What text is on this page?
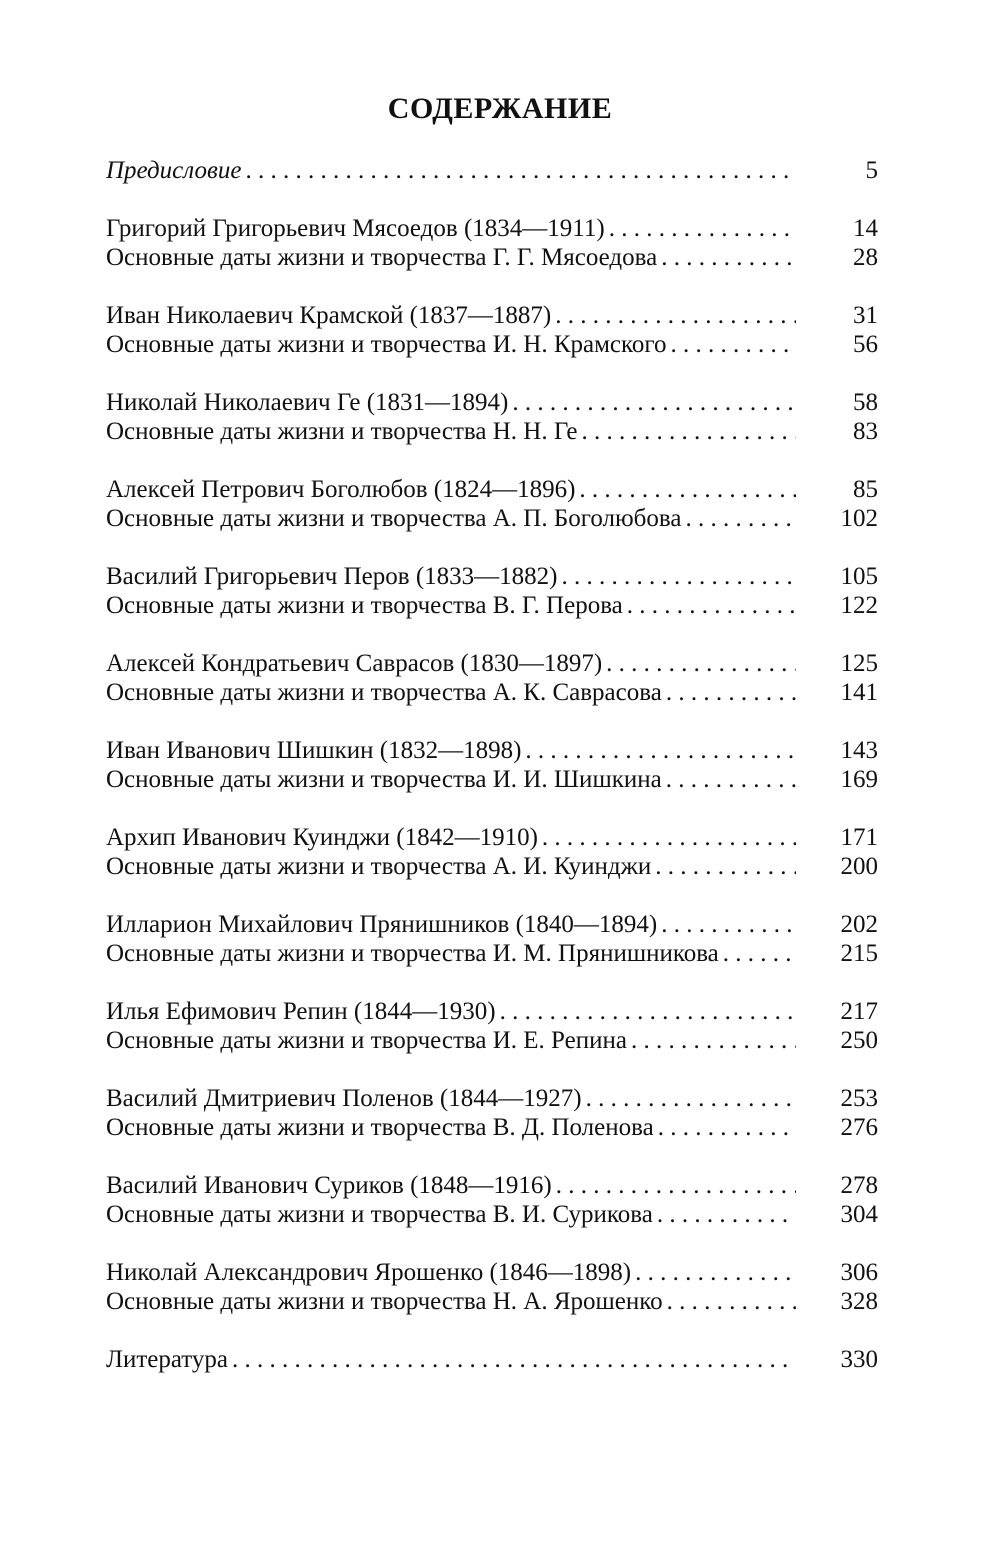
СОДЕРЖАНИЕ
Предисловие . . .	5
Григорий Григорьевич Мясоедов (1834—1911) . . .	14
Основные даты жизни и творчества Г. Г. Мясоедова . . .	28
Иван Николаевич Крамской (1837—1887) . . .	31
Основные даты жизни и творчества И. Н. Крамского . . .	56
Николай Николаевич Ге (1831—1894) . . .	58
Основные даты жизни и творчества Н. Н. Ге . . .	83
Алексей Петрович Боголюбов (1824—1896) . . .	85
Основные даты жизни и творчества А. П. Боголюбова . . .	102
Василий Григорьевич Перов (1833—1882) . . .	105
Основные даты жизни и творчества В. Г. Перова . . .	122
Алексей Кондратьевич Саврасов (1830—1897) . . .	125
Основные даты жизни и творчества А. К. Саврасова . . .	141
Иван Иванович Шишкин (1832—1898) . . .	143
Основные даты жизни и творчества И. И. Шишкина . . .	169
Архип Иванович Куинджи (1842—1910) . . .	171
Основные даты жизни и творчества А. И. Куинджи . . .	200
Илларион Михайлович Прянишников (1840—1894) . . .	202
Основные даты жизни и творчества И. М. Прянишникова . . .	215
Илья Ефимович Репин (1844—1930) . . .	217
Основные даты жизни и творчества И. Е. Репина . . .	250
Василий Дмитриевич Поленов (1844—1927) . . .	253
Основные даты жизни и творчества В. Д. Поленова . . .	276
Василий Иванович Суриков (1848—1916) . . .	278
Основные даты жизни и творчества В. И. Сурикова . . .	304
Николай Александрович Ярошенко (1846—1898) . . .	306
Основные даты жизни и творчества Н. А. Ярошенко . . .	328
Литература . . .	330
